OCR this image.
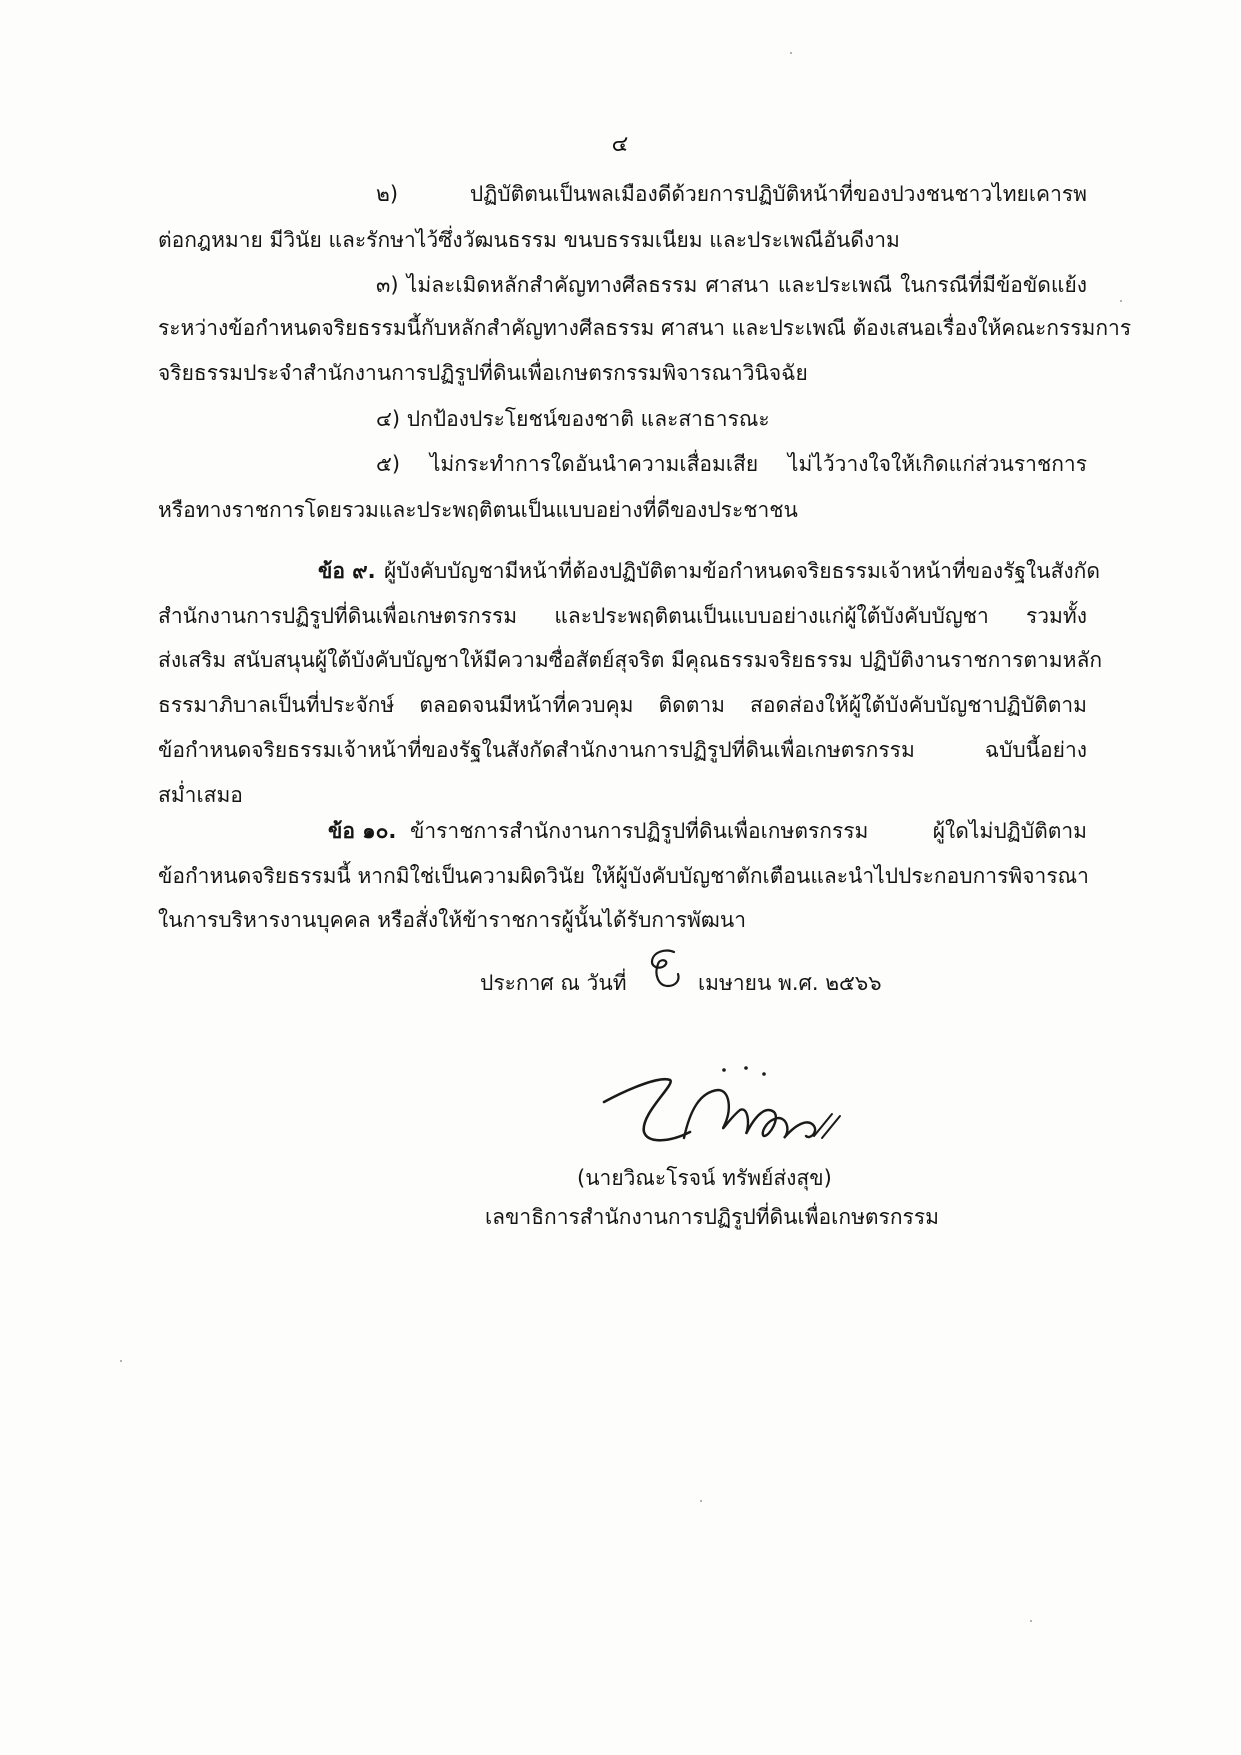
๔
๒) ปฏิบัติตนเป็นพลเมืองดีด้วยการปฏิบัติหน้าที่ของปวงชนชาวไทยเคารพ
ต่อกฎหมาย มีวินัย และรักษาไว้ซึ่งวัฒนธรรม ขนบธรรมเนียม และประเพณีอันดีงาม
๓) ไม่ละเมิดหลักสำคัญทางศีลธรรม ศาสนา และประเพณี ในกรณีที่มีข้อขัดแย้ง
ระหว่างข้อกำหนดจริยธรรมนี้กับหลักสำคัญทางศีลธรรม ศาสนา และประเพณี ต้องเสนอเรื่องให้คณะกรรมการ
จริยธรรมประจำสำนักงานการปฏิรูปที่ดินเพื่อเกษตรกรรมพิจารณาวินิจฉัย
๔) ปกป้องประโยชน์ของชาติ และสาธารณะ
๕) ไม่กระทำการใดอันนำความเสื่อมเสีย ไม่ไว้วางใจให้เกิดแก่ส่วนราชการ
หรือทางราชการโดยรวมและประพฤติตนเป็นแบบอย่างที่ดีของประชาชน
ข้อ ๙. ผู้บังคับบัญชามีหน้าที่ต้องปฏิบัติตามข้อกำหนดจริยธรรมเจ้าหน้าที่ของรัฐในสังกัด
สำนักงานการปฏิรูปที่ดินเพื่อเกษตรกรรม และประพฤติตนเป็นแบบอย่างแก่ผู้ใต้บังคับบัญชา รวมทั้ง
ส่งเสริม สนับสนุนผู้ใต้บังคับบัญชาให้มีความซื่อสัตย์สุจริต มีคุณธรรมจริยธรรม ปฏิบัติงานราชการตามหลัก
ธรรมาภิบาลเป็นที่ประจักษ์ ตลอดจนมีหน้าที่ควบคุม ติดตาม สอดส่องให้ผู้ใต้บังคับบัญชาปฏิบัติตาม
ข้อกำหนดจริยธรรมเจ้าหน้าที่ของรัฐในสังกัดสำนักงานการปฏิรูปที่ดินเพื่อเกษตรกรรม ฉบับนี้อย่าง
สม่ำเสมอ
ข้อ ๑๐. ข้าราชการสำนักงานการปฏิรูปที่ดินเพื่อเกษตรกรรม ผู้ใดไม่ปฏิบัติตาม
ข้อกำหนดจริยธรรมนี้ หากมิใช่เป็นความผิดวินัย ให้ผู้บังคับบัญชาตักเตือนและนำไปประกอบการพิจารณา
ในการบริหารงานบุคคล หรือสั่งให้ข้าราชการผู้นั้นได้รับการพัฒนา
ประกาศ ณ วันที่	เมษายน พ.ศ. ๒๕๖๖
(นายวิณะโรจน์ ทรัพย์ส่งสุข)
เลขาธิการสำนักงานการปฏิรูปที่ดินเพื่อเกษตรกรรม
